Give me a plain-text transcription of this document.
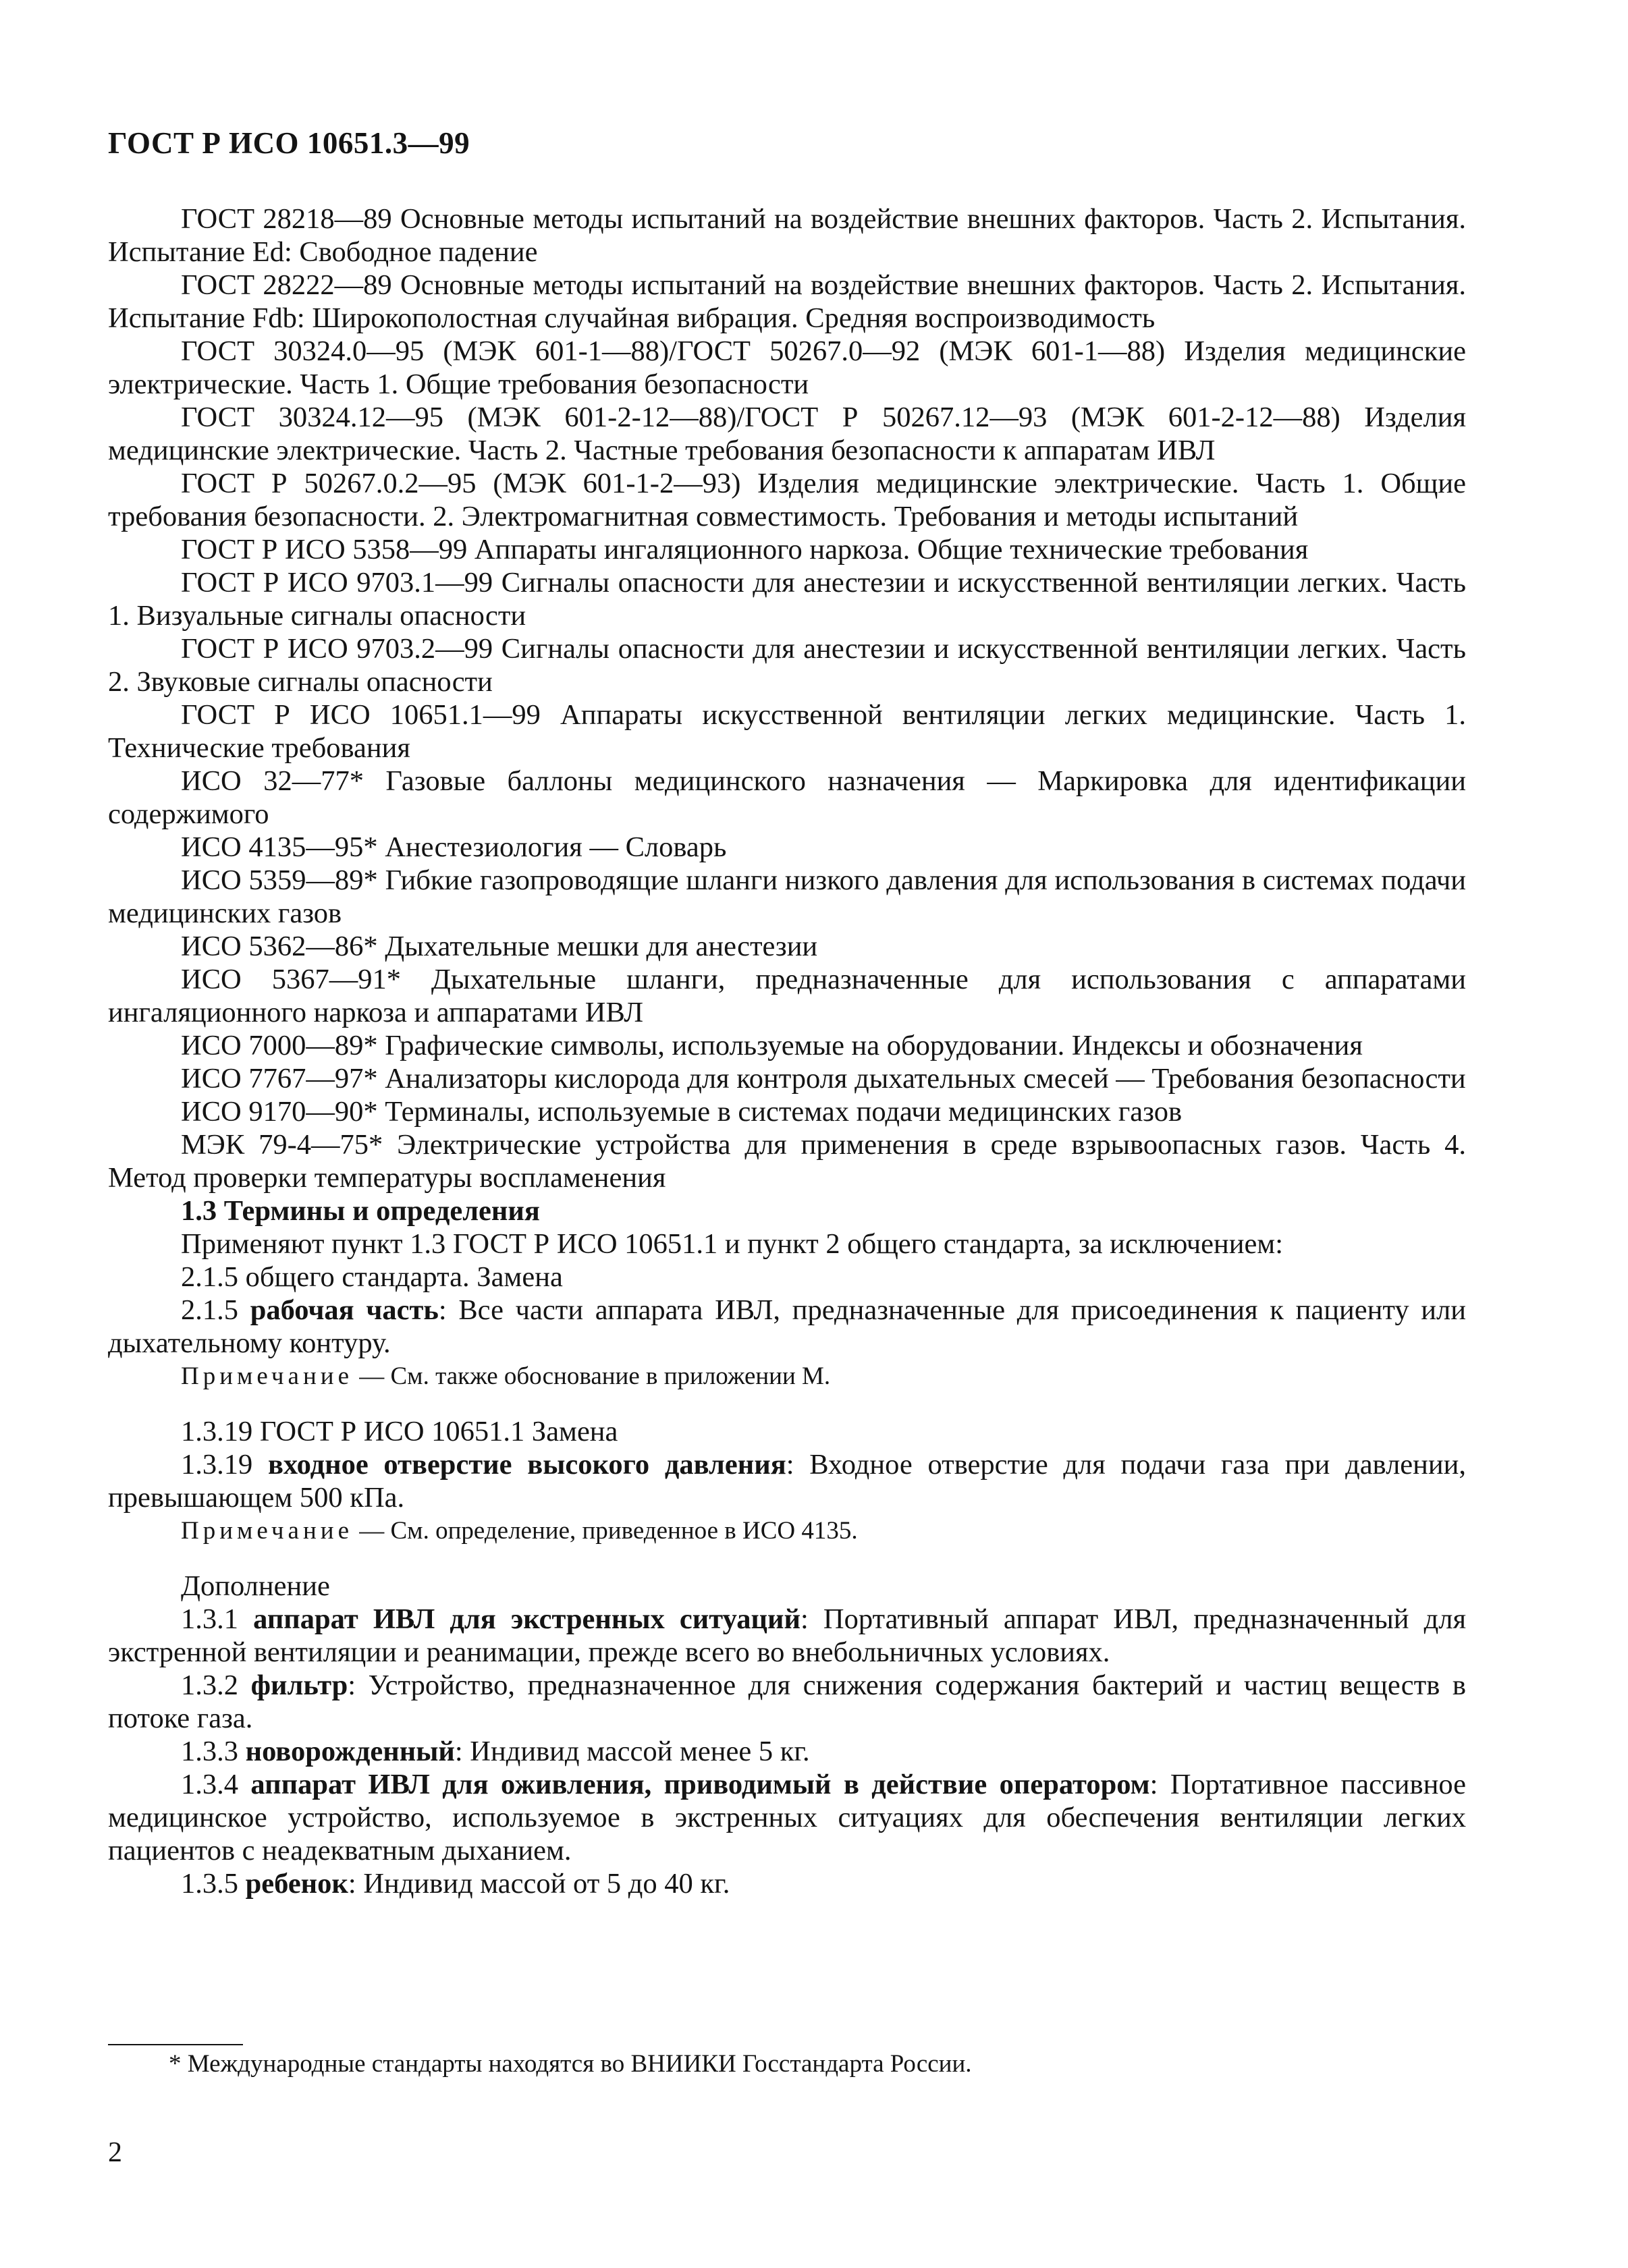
ГОСТ Р ИСО 10651.3—99

ГОСТ 28218—89 Основные методы испытаний на воздействие внешних факторов. Часть 2. Испытания. Испытание Ed: Свободное падение

ГОСТ 28222—89 Основные методы испытаний на воздействие внешних факторов. Часть 2. Испытания. Испытание Fdb: Широкополостная случайная вибрация. Средняя воспроизводимость

ГОСТ 30324.0—95 (МЭК 601-1—88)/ГОСТ 50267.0—92 (МЭК 601-1—88) Изделия медицинские электрические. Часть 1. Общие требования безопасности

ГОСТ 30324.12—95 (МЭК 601-2-12—88)/ГОСТ Р 50267.12—93 (МЭК 601-2-12—88) Изделия медицинские электрические. Часть 2. Частные требования безопасности к аппаратам ИВЛ

ГОСТ Р 50267.0.2—95 (МЭК 601-1-2—93) Изделия медицинские электрические. Часть 1. Общие требования безопасности. 2. Электромагнитная совместимость. Требования и методы испытаний

ГОСТ Р ИСО 5358—99 Аппараты ингаляционного наркоза. Общие технические требования

ГОСТ Р ИСО 9703.1—99 Сигналы опасности для анестезии и искусственной вентиляции легких. Часть 1. Визуальные сигналы опасности

ГОСТ Р ИСО 9703.2—99 Сигналы опасности для анестезии и искусственной вентиляции легких. Часть 2. Звуковые сигналы опасности

ГОСТ Р ИСО 10651.1—99 Аппараты искусственной вентиляции легких медицинские. Часть 1. Технические требования

ИСО 32—77* Газовые баллоны медицинского назначения — Маркировка для идентификации содержимого

ИСО 4135—95* Анестезиология — Словарь

ИСО 5359—89* Гибкие газопроводящие шланги низкого давления для использования в системах подачи медицинских газов

ИСО 5362—86* Дыхательные мешки для анестезии

ИСО 5367—91* Дыхательные шланги, предназначенные для использования с аппаратами ингаляционного наркоза и аппаратами ИВЛ

ИСО 7000—89* Графические символы, используемые на оборудовании. Индексы и обозначения

ИСО 7767—97* Анализаторы кислорода для контроля дыхательных смесей — Требования безопасности

ИСО 9170—90* Терминалы, используемые в системах подачи медицинских газов

МЭК 79-4—75* Электрические устройства для применения в среде взрывоопасных газов. Часть 4. Метод проверки температуры воспламенения

1.3 Термины и определения

Применяют пункт 1.3 ГОСТ Р ИСО 10651.1 и пункт 2 общего стандарта, за исключением:

2.1.5 общего стандарта. Замена

2.1.5 рабочая часть: Все части аппарата ИВЛ, предназначенные для присоединения к пациенту или дыхательному контуру.

Примечание — См. также обоснование в приложении М.

1.3.19 ГОСТ Р ИСО 10651.1 Замена

1.3.19 входное отверстие высокого давления: Входное отверстие для подачи газа при давлении, превышающем 500 кПа.

Примечание — См. определение, приведенное в ИСО 4135.

Дополнение

1.3.1 аппарат ИВЛ для экстренных ситуаций: Портативный аппарат ИВЛ, предназначенный для экстренной вентиляции и реанимации, прежде всего во внебольничных условиях.

1.3.2 фильтр: Устройство, предназначенное для снижения содержания бактерий и частиц веществ в потоке газа.

1.3.3 новорожденный: Индивид массой менее 5 кг.

1.3.4 аппарат ИВЛ для оживления, приводимый в действие оператором: Портативное пассивное медицинское устройство, используемое в экстренных ситуациях для обеспечения вентиляции легких пациентов с неадекватным дыханием.

1.3.5 ребенок: Индивид массой от 5 до 40 кг.

* Международные стандарты находятся во ВНИИКИ Госстандарта России.
2
